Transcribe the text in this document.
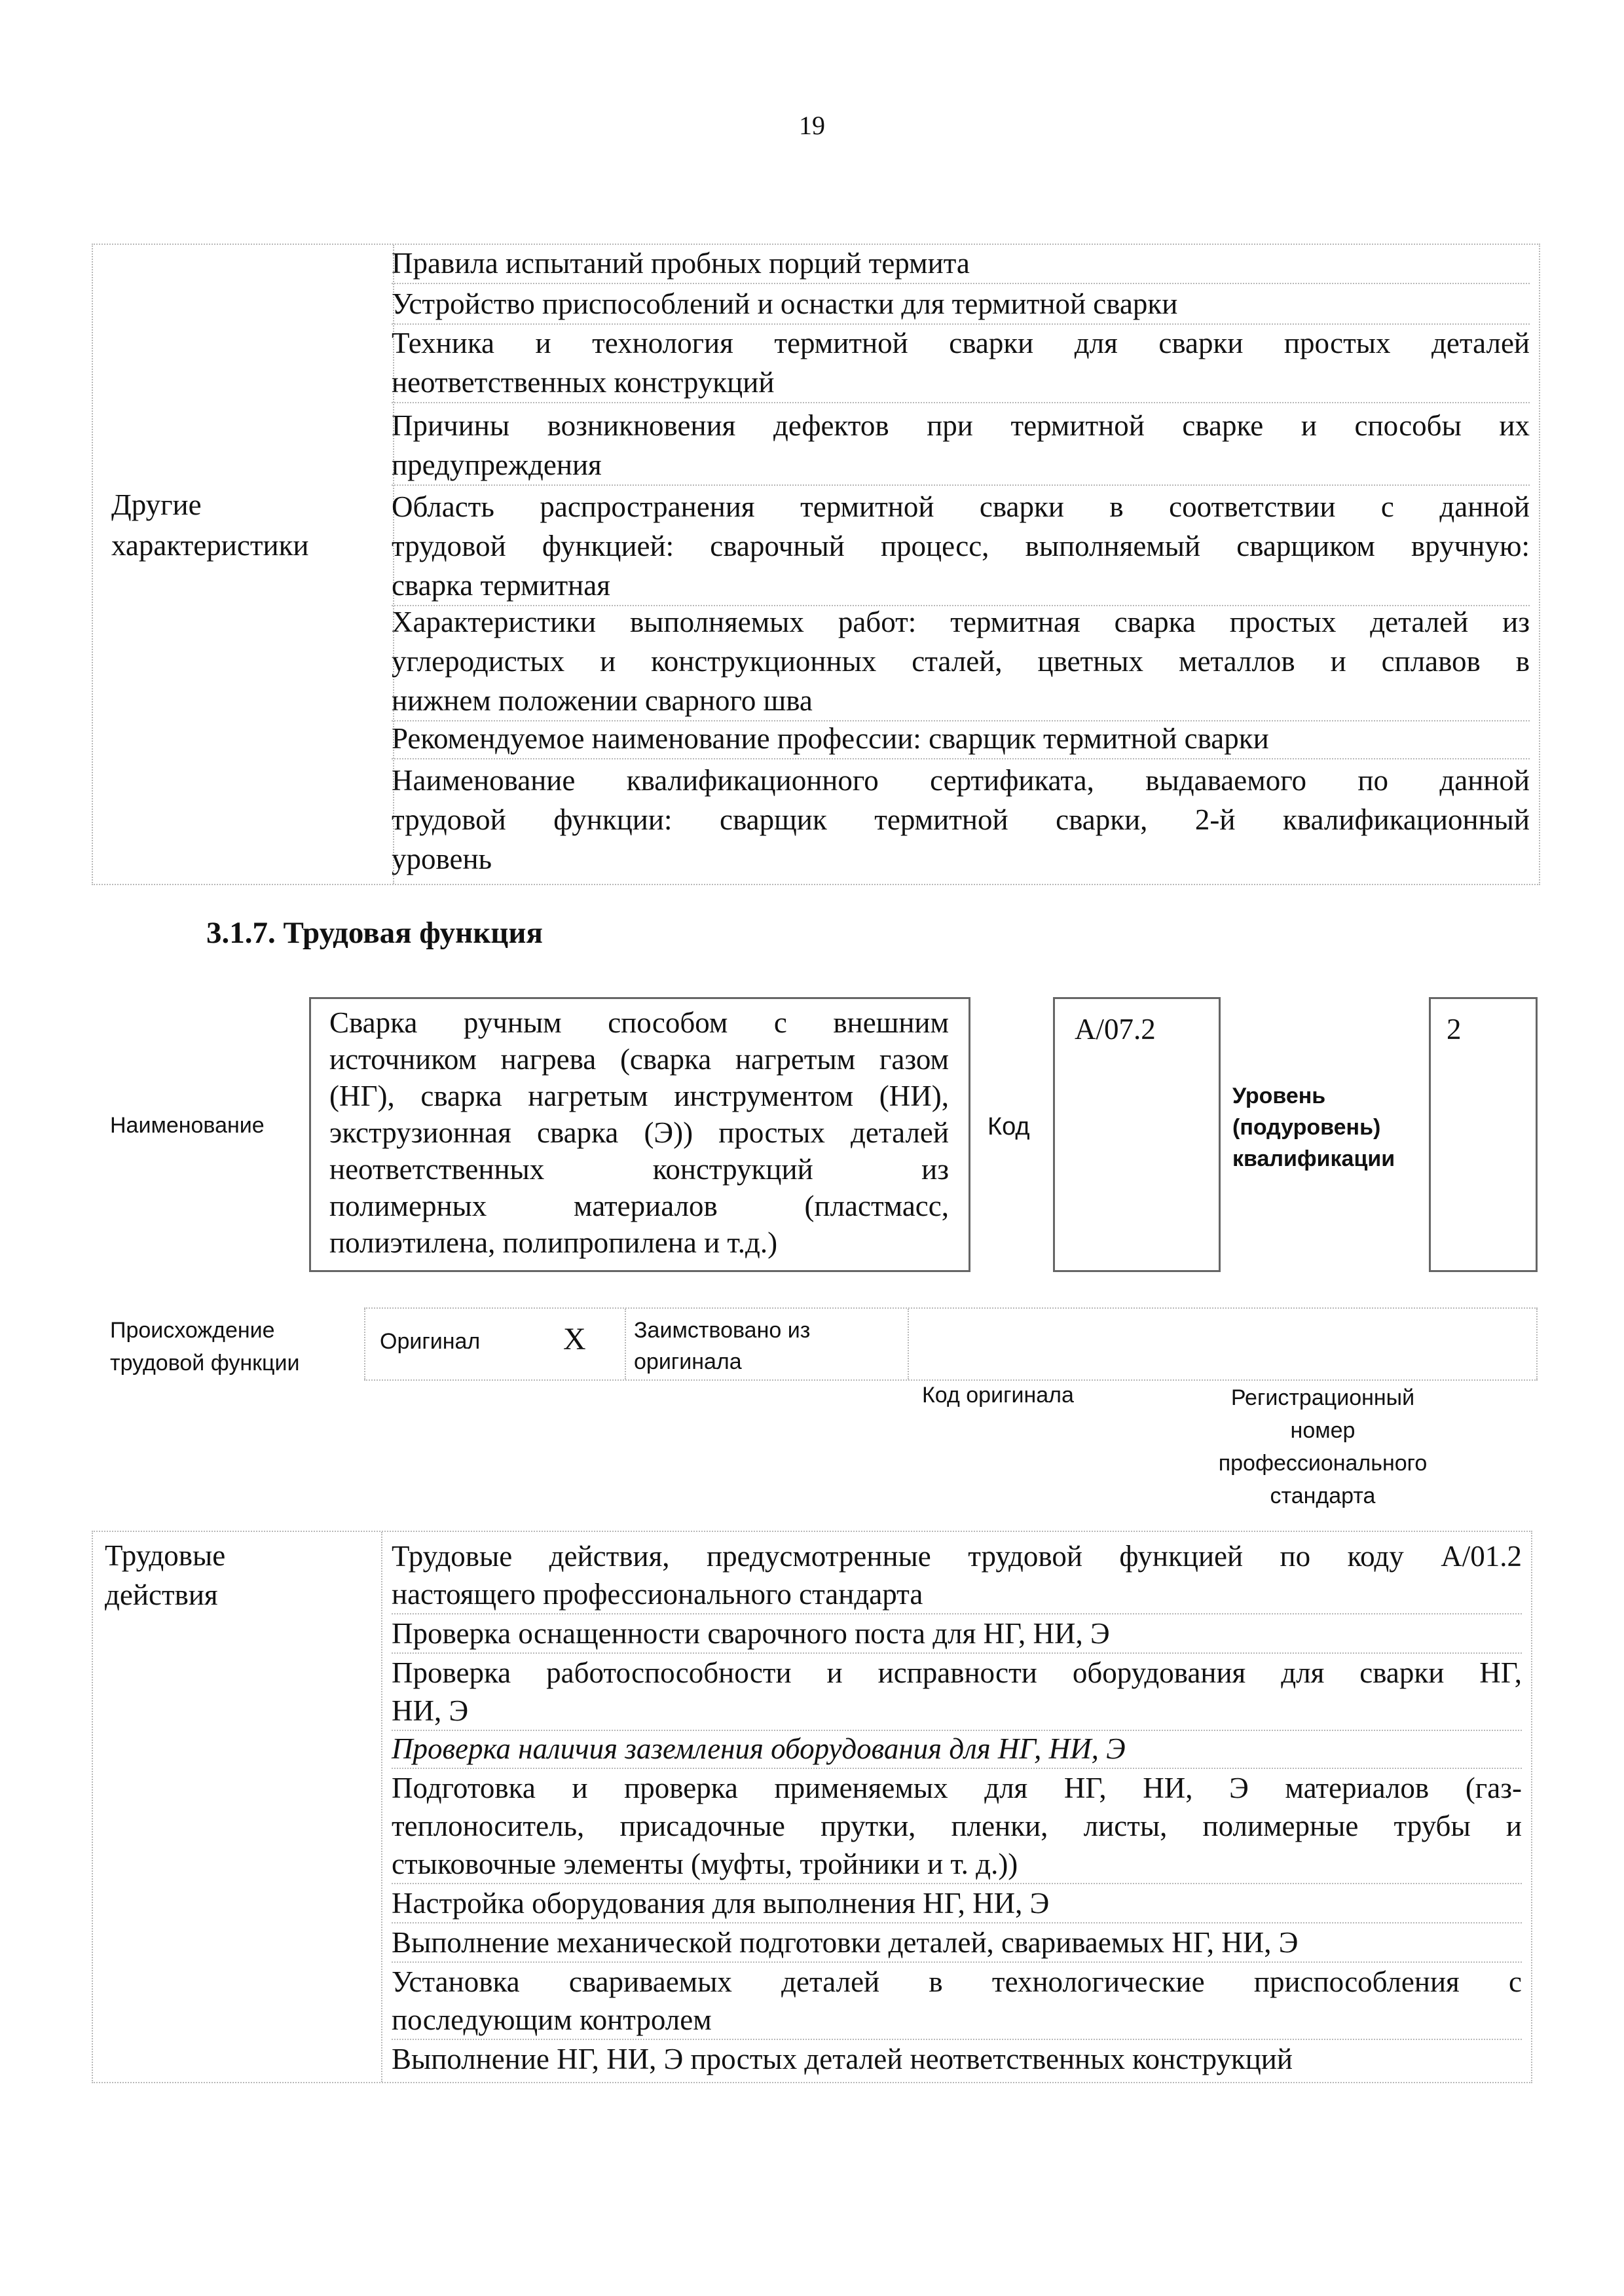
19
Другие
характеристики
Правила испытаний пробных порций термита
Устройство приспособлений и оснастки для термитной сварки
Техника и технология термитной сварки для сварки простых деталей
неответственных конструкций
Причины возникновения дефектов при термитной сварке и способы их
предупреждения
Область распространения термитной сварки в соответствии с данной
трудовой функцией: сварочный процесс, выполняемый сварщиком вручную:
сварка термитная
Характеристики выполняемых работ: термитная сварка простых деталей из
углеродистых и конструкционных сталей, цветных металлов и сплавов в
нижнем положении сварного шва
Рекомендуемое наименование профессии: сварщик термитной сварки
Наименование квалификационного сертификата, выдаваемого по данной
трудовой функции: сварщик термитной сварки, 2-й квалификационный
уровень
3.1.7. Трудовая функция
Наименование
Сварка ручным способом с внешним
источником нагрева (сварка нагретым газом
(НГ), сварка нагретым инструментом (НИ),
экструзионная сварка (Э)) простых деталей
неответственных конструкций из
полимерных материалов (пластмасс,
полиэтилена, полипропилена и т.д.)
Код
A/07.2
Уровень
(подуровень)
квалификации
2
Происхождение
трудовой функции
Оригинал	X Заимствовано из
оригинала
Код оригинала	Регистрационный
номер
профессионального
стандарта
Трудовые
действия
Трудовые действия, предусмотренные трудовой функцией по коду А/01.2
настоящего профессионального стандарта
Проверка оснащенности сварочного поста для НГ, НИ, Э
Проверка работоспособности и исправности оборудования для сварки НГ,
НИ, Э
Проверка наличия заземления оборудования для НГ, НИ, Э
Подготовка и проверка применяемых для НГ, НИ, Э материалов (газ-
теплоноситель, присадочные прутки, пленки, листы, полимерные трубы и
стыковочные элементы (муфты, тройники и т. д.))
Настройка оборудования для выполнения НГ, НИ, Э
Выполнение механической подготовки деталей, свариваемых НГ, НИ, Э
Установка свариваемых деталей в технологические приспособления с
последующим контролем
Выполнение НГ, НИ, Э простых деталей неответственных конструкций
